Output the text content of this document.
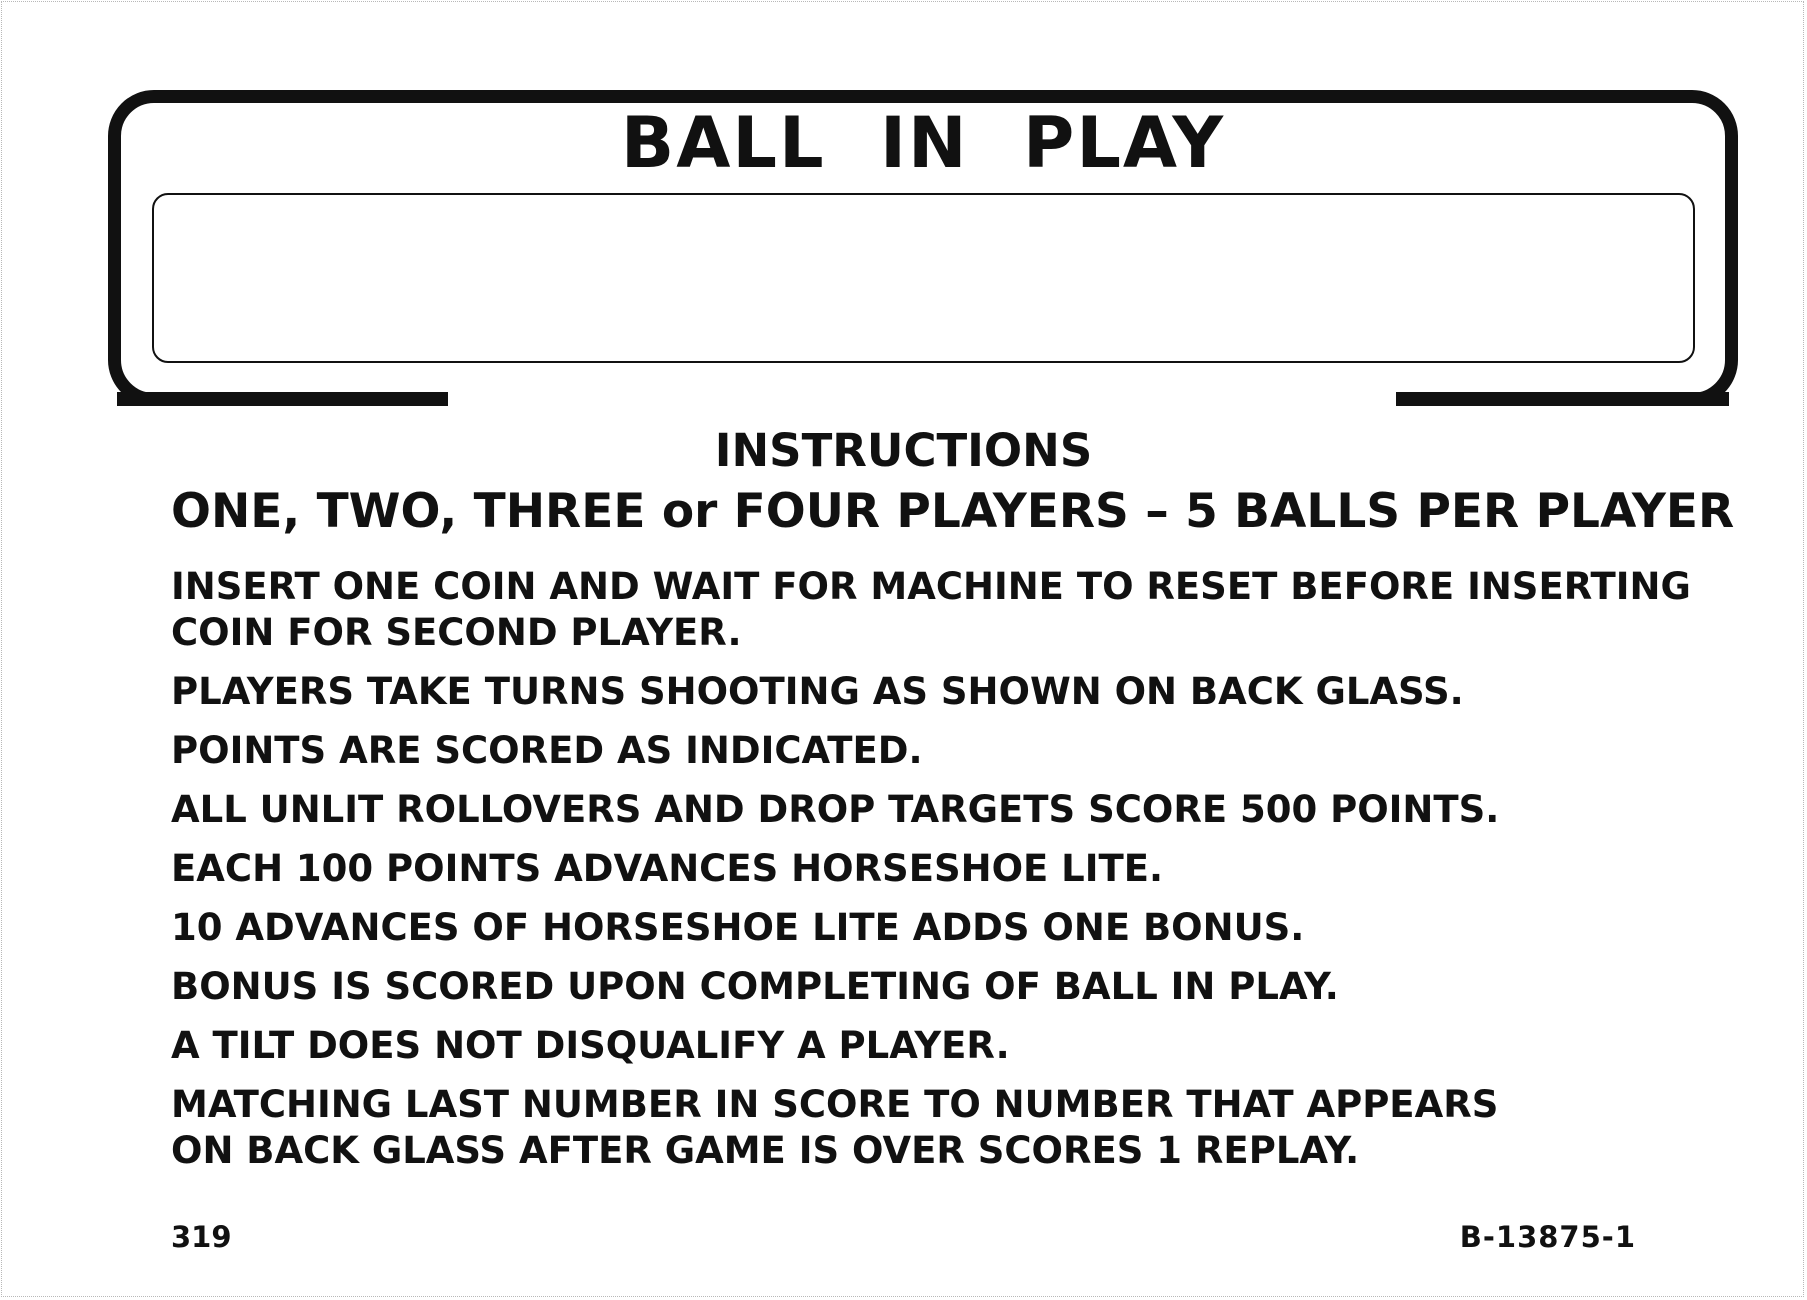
BALL IN PLAY
INSTRUCTIONS
ONE, TWO, THREE or FOUR PLAYERS – 5 BALLS PER PLAYER
INSERT ONE COIN AND WAIT FOR MACHINE TO RESET BEFORE INSERTING
COIN FOR SECOND PLAYER.
PLAYERS TAKE TURNS SHOOTING AS SHOWN ON BACK GLASS.
POINTS ARE SCORED AS INDICATED.
ALL UNLIT ROLLOVERS AND DROP TARGETS SCORE 500 POINTS.
EACH 100 POINTS ADVANCES HORSESHOE LITE.
10 ADVANCES OF HORSESHOE LITE ADDS ONE BONUS.
BONUS IS SCORED UPON COMPLETING OF BALL IN PLAY.
A TILT DOES NOT DISQUALIFY A PLAYER.
MATCHING LAST NUMBER IN SCORE TO NUMBER THAT APPEARS
ON BACK GLASS AFTER GAME IS OVER SCORES 1 REPLAY.
319	B-13875-1
